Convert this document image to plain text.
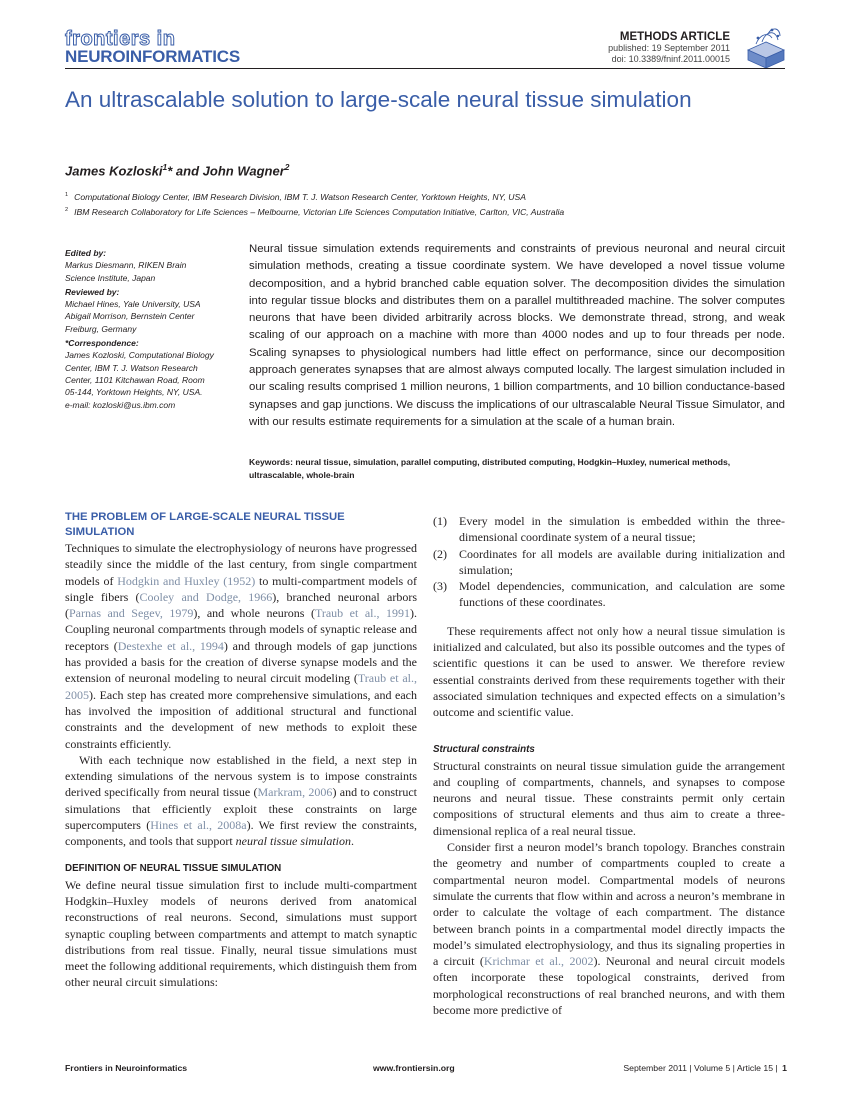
frontiers in
NEUROINFORMATICS
METHODS ARTICLE
published: 19 September 2011
doi: 10.3389/fninf.2011.00015
An ultrascalable solution to large-scale neural tissue simulation
James Kozloski$^1$* and John Wagner$^2$
$^1$ Computational Biology Center, IBM Research Division, IBM T. J. Watson Research Center, Yorktown Heights, NY, USA
$^2$ IBM Research Collaboratory for Life Sciences – Melbourne, Victorian Life Sciences Computation Initiative, Carlton, VIC, Australia
Edited by:
Markus Diesmann, RIKEN Brain
Science Institute, Japan
Reviewed by:
Michael Hines, Yale University, USA
Abigail Morrison, Bernstein Center
Freiburg, Germany
*Correspondence:
James Kozloski, Computational Biology
Center, IBM T. J. Watson Research
Center, 1101 Kitchawan Road, Room
05-144, Yorktown Heights, NY, USA.
e-mail: kozloski@us.ibm.com
Neural tissue simulation extends requirements and constraints of previous neuronal and neural circuit simulation methods, creating a tissue coordinate system. We have developed a novel tissue volume decomposition, and a hybrid branched cable equation solver. The decomposition divides the simulation into regular tissue blocks and distributes them on a parallel multithreaded machine. The solver computes neurons that have been divided arbitrarily across blocks. We demonstrate thread, strong, and weak scaling of our approach on a machine with more than 4000 nodes and up to four threads per node. Scaling synapses to physiological numbers had little effect on performance, since our decomposition approach generates synapses that are almost always computed locally. The largest simulation included in our scaling results comprised 1 million neurons, 1 billion compartments, and 10 billion conductance-based synapses and gap junctions. We discuss the implications of our ultrascalable Neural Tissue Simulator, and with our results estimate requirements for a simulation at the scale of a human brain.
Keywords: neural tissue, simulation, parallel computing, distributed computing, Hodgkin–Huxley, numerical methods, ultrascalable, whole-brain
THE PROBLEM OF LARGE-SCALE NEURAL TISSUE SIMULATION

Techniques to simulate the electrophysiology of neurons have progressed steadily since the middle of the last century, from single compartment models of Hodgkin and Huxley (1952) to multi-compartment models of single fibers (Cooley and Dodge, 1966), branched neuronal arbors (Parnas and Segev, 1979), and whole neurons (Traub et al., 1991). Coupling neuronal compartments through models of synaptic release and receptors (Destexhe et al., 1994) and through models of gap junctions has provided a basis for the creation of diverse synapse models and the extension of neuronal modeling to neural circuit modeling (Traub et al., 2005). Each step has created more comprehensive simulations, and each has involved the imposition of additional structural and functional constraints and the development of new methods to exploit these constraints efficiently.

With each technique now established in the field, a next step in extending simulations of the nervous system is to impose constraints derived specifically from neural tissue (Markram, 2006) and to construct simulations that efficiently exploit these constraints on large supercomputers (Hines et al., 2008a). We first review the constraints, components, and tools that support neural tissue simulation.

DEFINITION OF NEURAL TISSUE SIMULATION

We define neural tissue simulation first to include multi-compartment Hodgkin–Huxley models of neurons derived from anatomical reconstructions of real neurons. Second, simulations must support synaptic coupling between compartments and attempt to match synaptic distributions from real tissue. Finally, neural tissue simulations must meet the following additional requirements, which distinguish them from other neural circuit simulations:

(1)	Every model in the simulation is embedded within the three-dimensional coordinate system of a neural tissue;
(2)	Coordinates for all models are available during initialization and simulation;
(3)	Model dependencies, communication, and calculation are some functions of these coordinates.

These requirements affect not only how a neural tissue simulation is initialized and calculated, but also its possible outcomes and the types of scientific questions it can be used to answer. We therefore review essential constraints derived from these requirements together with their associated simulation techniques and expected effects on a simulation’s outcome and scientific value.

Structural constraints

Structural constraints on neural tissue simulation guide the arrangement and coupling of compartments, channels, and synapses to compose neurons and neural tissue. These constraints permit only certain compositions of structural elements and thus aim to create a three-dimensional replica of a real neural tissue.

Consider first a neuron model’s branch topology. Branches constrain the geometry and number of compartments coupled to create a compartmental neuron model. Compartmental models of neurons simulate the currents that flow within and across a neuron’s membrane in order to calculate the voltage of each compartment. The distance between branch points in a compartmental model directly impacts the model’s simulated electrophysiology, and thus its signaling properties in a circuit (Krichmar et al., 2002). Neuronal and neural circuit models often incorporate these topological constraints, derived from morphological reconstructions of real branched neurons, and with them become more predictive of

Frontiers in Neuroinformatics	www.frontiersin.org	September 2011 | Volume 5 | Article 15 | 1
